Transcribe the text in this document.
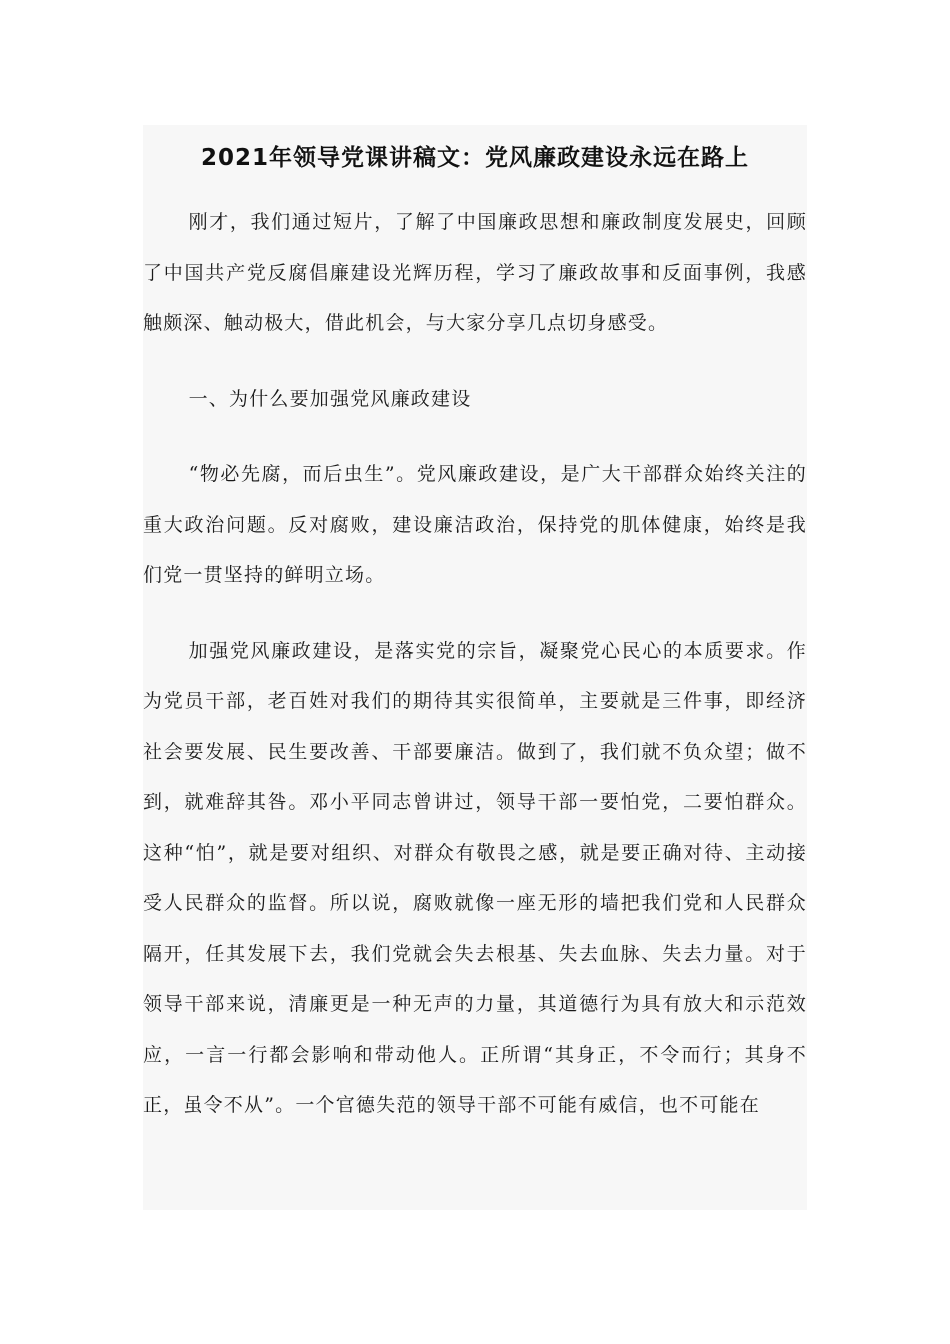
2021年领导党课讲稿文：党风廉政建设永远在路上

刚才，我们通过短片，了解了中国廉政思想和廉政制度发展史，回顾了中国共产党反腐倡廉建设光辉历程，学习了廉政故事和反面事例，我感触颇深、触动极大，借此机会，与大家分享几点切身感受。

一、为什么要加强党风廉政建设

“物必先腐，而后虫生”。党风廉政建设，是广大干部群众始终关注的重大政治问题。反对腐败，建设廉洁政治，保持党的肌体健康，始终是我们党一贯坚持的鲜明立场。

加强党风廉政建设，是落实党的宗旨，凝聚党心民心的本质要求。作为党员干部，老百姓对我们的期待其实很简单，主要就是三件事，即经济社会要发展、民生要改善、干部要廉洁。做到了，我们就不负众望；做不到，就难辞其咎。邓小平同志曾讲过，领导干部一要怕党，二要怕群众。这种“怕”，就是要对组织、对群众有敬畏之感，就是要正确对待、主动接受人民群众的监督。所以说，腐败就像一座无形的墙把我们党和人民群众隔开，任其发展下去，我们党就会失去根基、失去血脉、失去力量。对于领导干部来说，清廉更是一种无声的力量，其道德行为具有放大和示范效应，一言一行都会影响和带动他人。正所谓“其身正，不令而行；其身不正，虽令不从”。一个官德失范的领导干部不可能有威信，也不可能在
